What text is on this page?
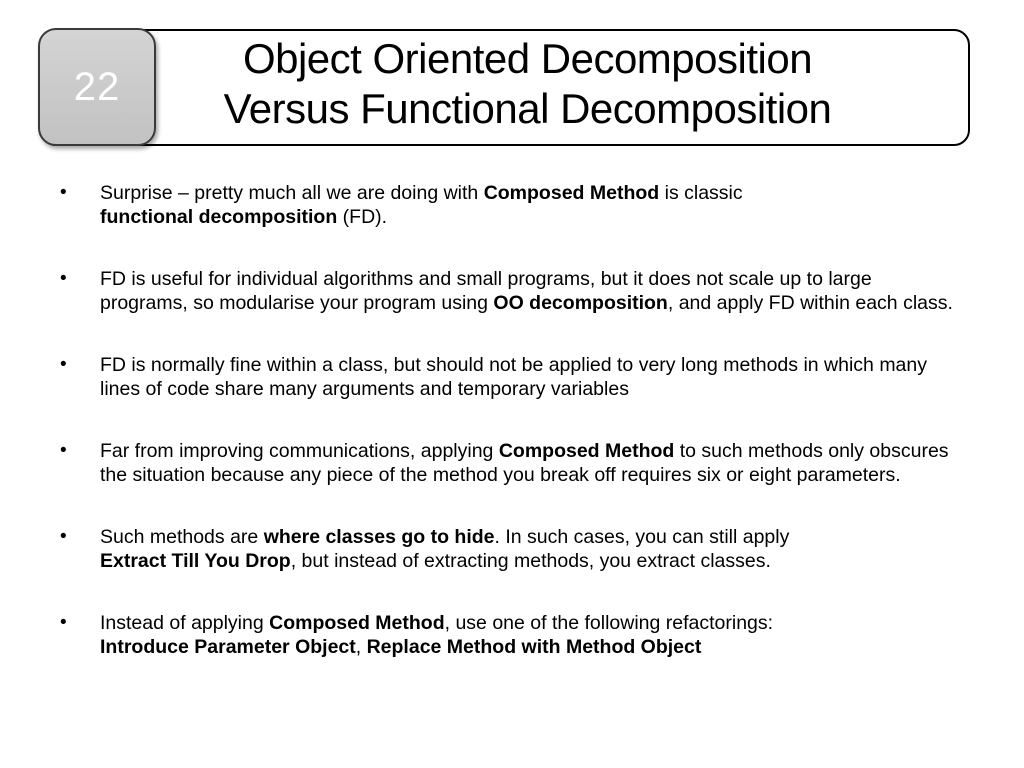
22
Object Oriented Decomposition
Versus Functional Decomposition
• Surprise – pretty much all we are doing with Composed Method is classic
functional decomposition (FD).
• FD is useful for individual algorithms and small programs, but it does not scale up to large programs, so modularise your program using OO decomposition, and apply FD within each class.
• FD is normally fine within a class, but should not be applied to very long methods in which many lines of code share many arguments and temporary variables
• Far from improving communications, applying Composed Method to such methods only obscures the situation because any piece of the method you break off requires six or eight parameters.
• Such methods are where classes go to hide. In such cases, you can still apply
Extract Till You Drop, but instead of extracting methods, you extract classes.
• Instead of applying Composed Method, use one of the following refactorings:
Introduce Parameter Object, Replace Method with Method Object
